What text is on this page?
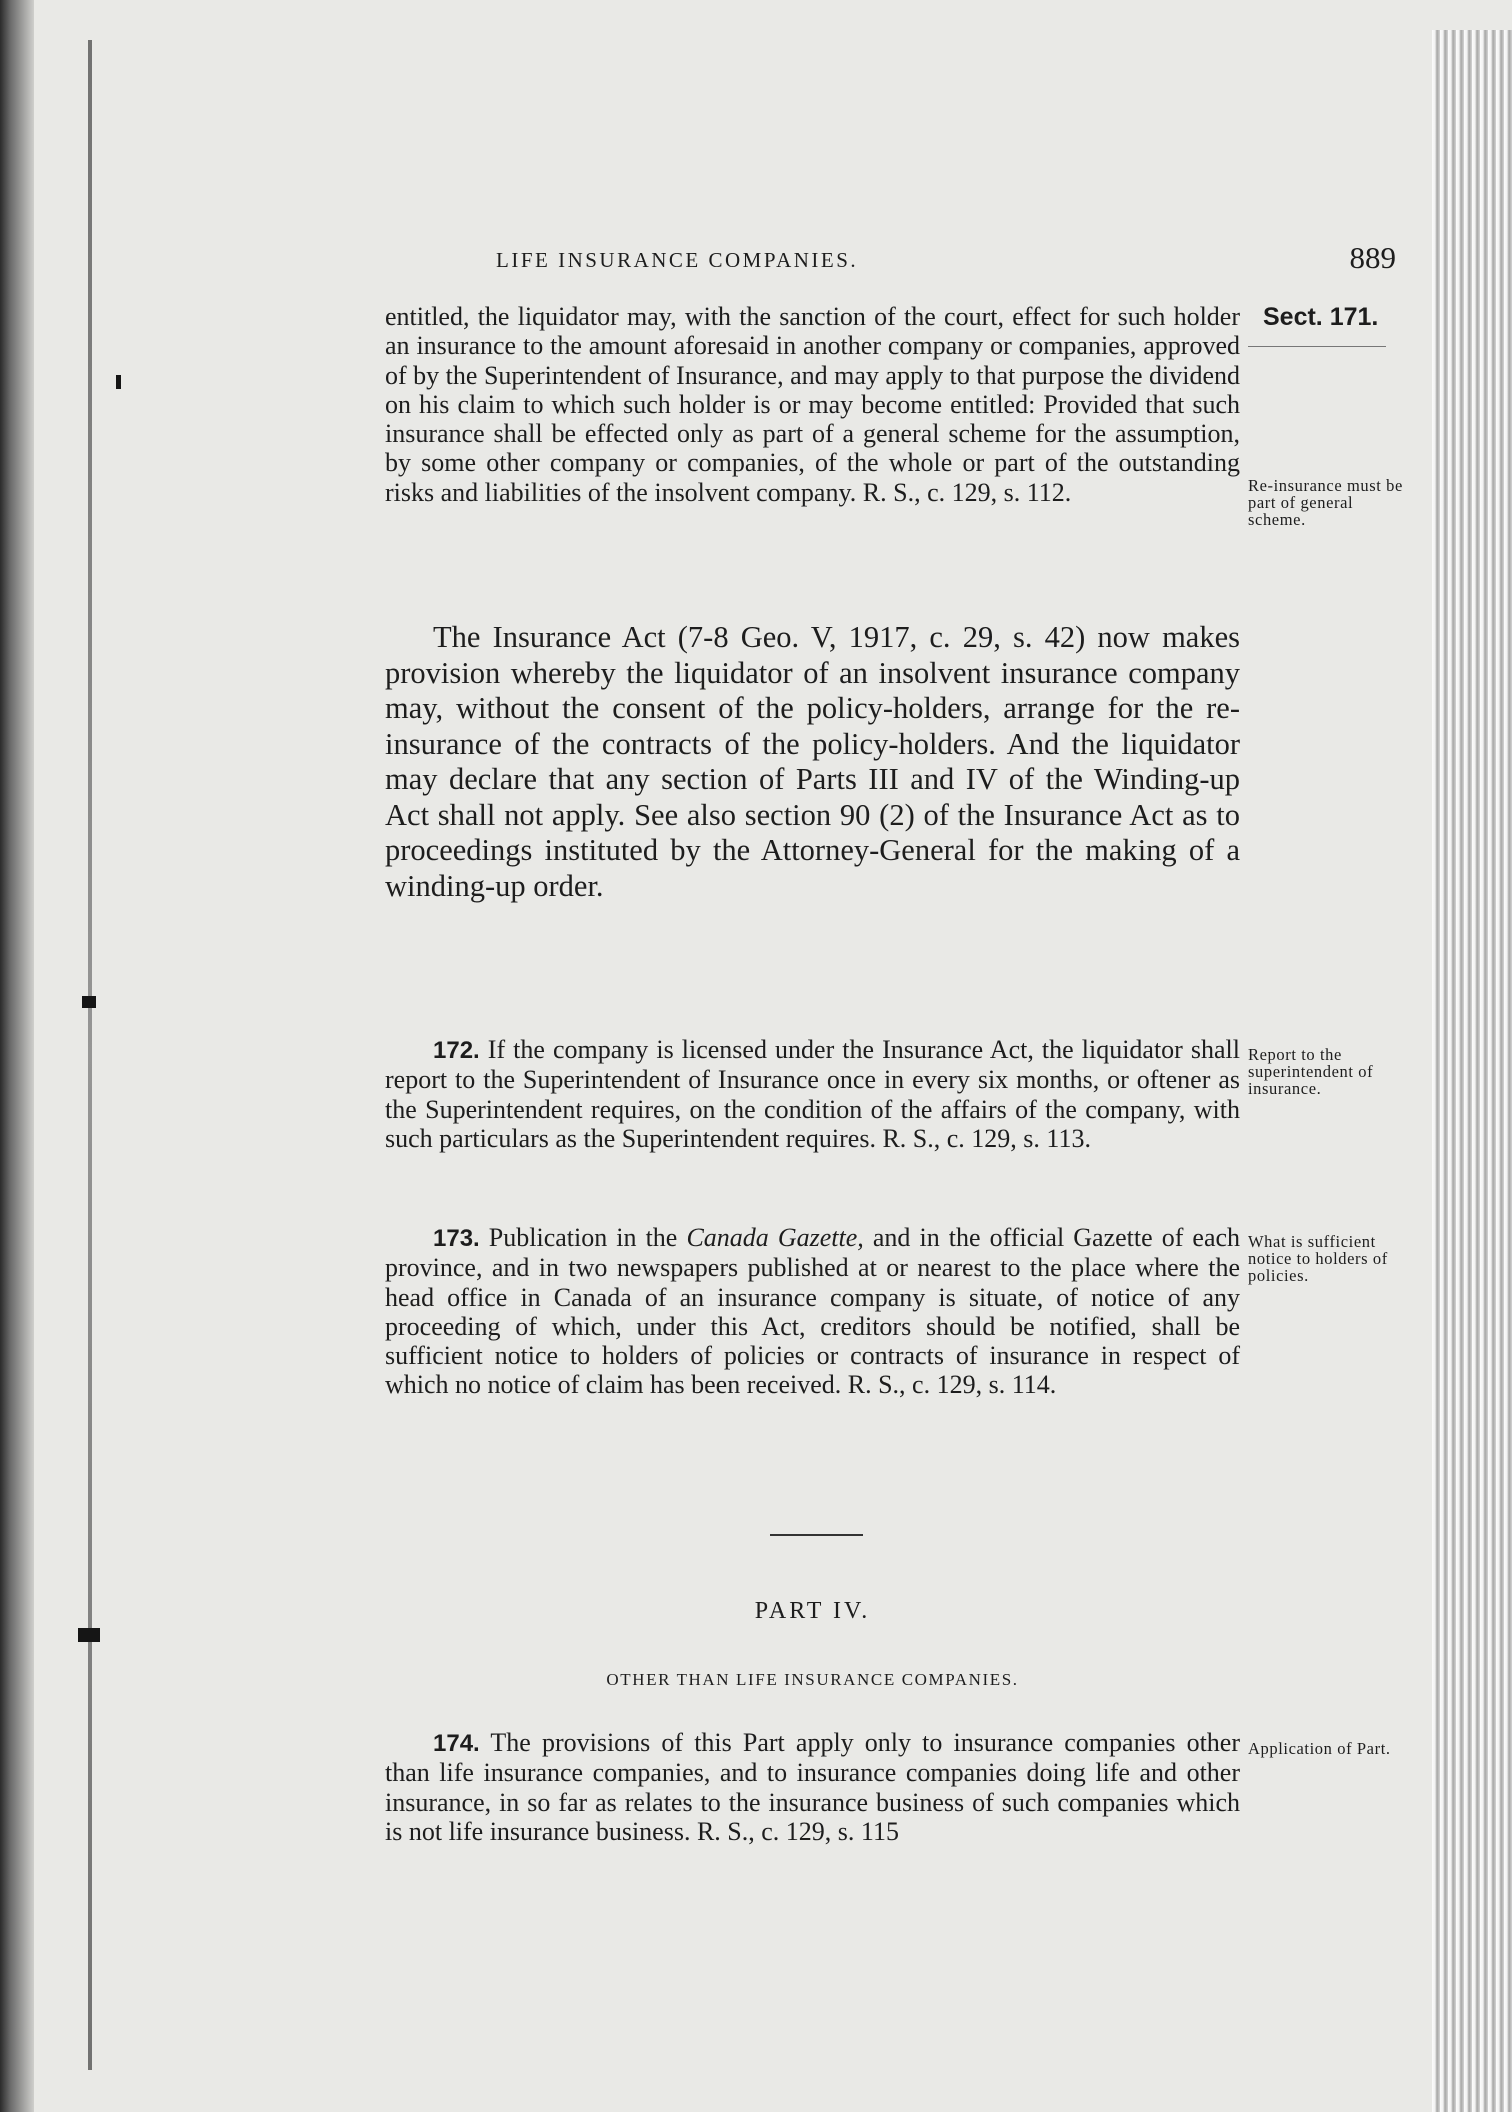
LIFE INSURANCE COMPANIES.	889
Sect. 171.
entitled, the liquidator may, with the sanction of the court, effect for such holder an insurance to the amount aforesaid in another company or companies, approved of by the Superintendent of Insurance, and may apply to that purpose the dividend on his claim to which such holder is or may become entitled: Provided that such insurance shall be effected only as part of a general scheme for the assumption, by some other company or companies, of the whole or part of the outstanding risks and liabilities of the insolvent company. R. S., c. 129, s. 112.	Re-insurance must be part of general scheme.
The Insurance Act (7-8 Geo. V, 1917, c. 29, s. 42) now makes provision whereby the liquidator of an insolvent insurance company may, without the consent of the policy-holders, arrange for the re-insurance of the contracts of the policy-holders. And the liquidator may declare that any section of Parts III and IV of the Winding-up Act shall not apply. See also section 90 (2) of the Insurance Act as to proceedings instituted by the Attorney-General for the making of a winding-up order.
172. If the company is licensed under the Insurance Act, the liquidator shall report to the Superintendent of Insurance once in every six months, or oftener as the Superintendent requires, on the condition of the affairs of the company, with such particulars as the Superintendent requires. R. S., c. 129, s. 113.
Report to the superintendent of insurance.
173. Publication in the Canada Gazette, and in the official Gazette of each province, and in two newspapers published at or nearest to the place where the head office in Canada of an insurance company is situate, of notice of any proceeding of which, under this Act, creditors should be notified, shall be sufficient notice to holders of policies or contracts of insurance in respect of which no notice of claim has been received. R. S., c. 129, s. 114.
What is sufficient notice to holders of policies.
PART IV.
OTHER THAN LIFE INSURANCE COMPANIES.
174. The provisions of this Part apply only to insurance companies other than life insurance companies, and to insurance companies doing life and other insurance, in so far as relates to the insurance business of such companies which is not life insurance business. R. S., c. 129, s. 115
Application of Part.
